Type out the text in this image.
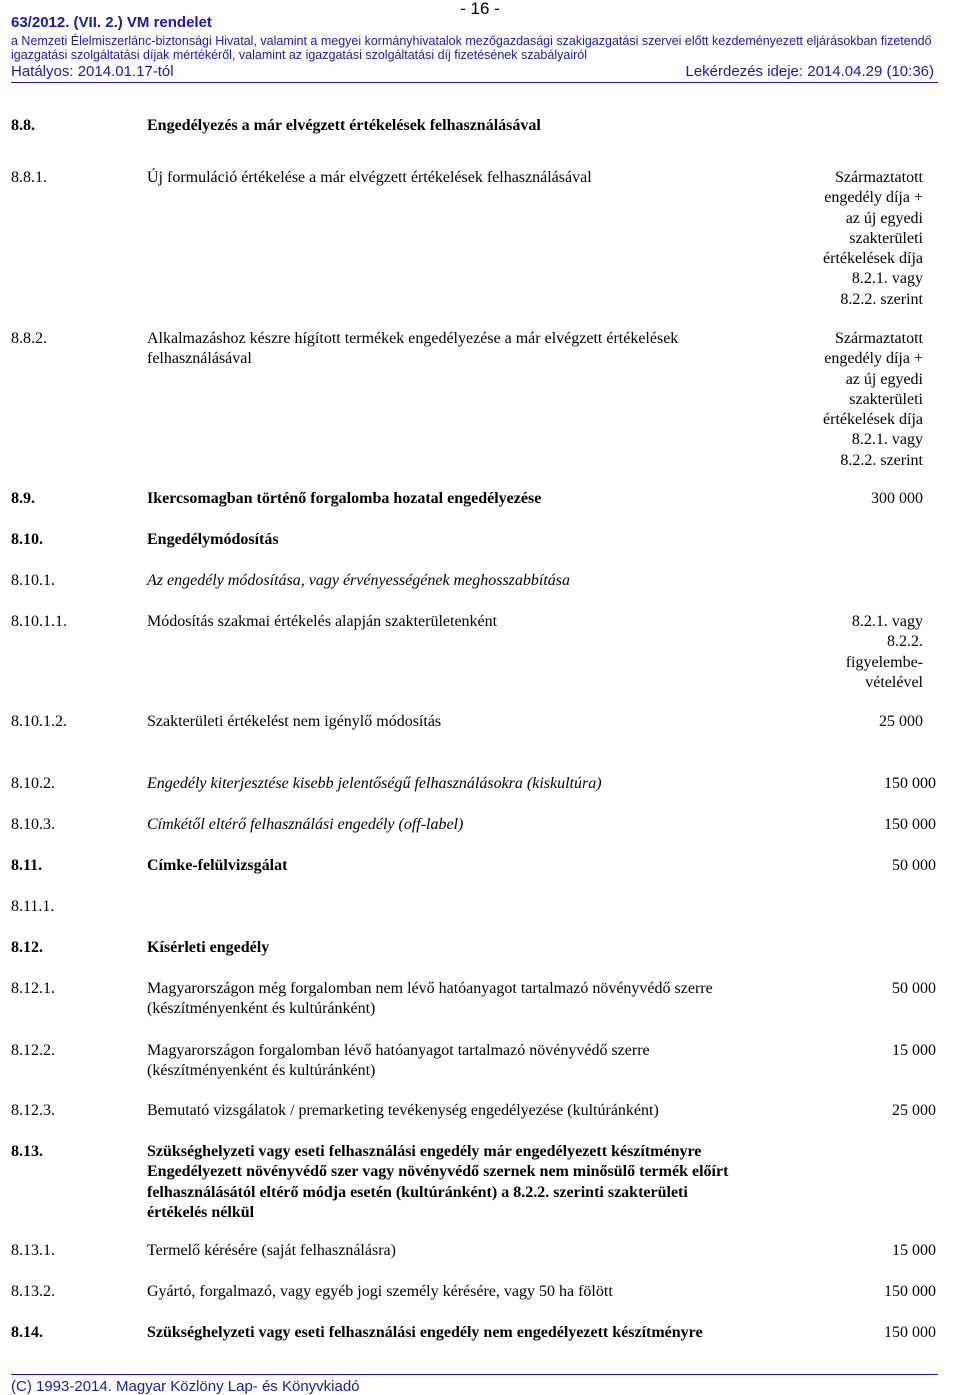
- 16 -
63/2012. (VII. 2.) VM rendelet
a Nemzeti Élelmiszerlánc-biztonsági Hivatal, valamint a megyei kormányhivatalok mezőgazdasági szakigazgatási szervei előtt kezdeményezett eljárásokban fizetendő
igazgatási szolgáltatási díjak mértékéről, valamint az igazgatási szolgáltatási díj fizetésének szabályairól
Hatályos: 2014.01.17-tól	Lekérdezés ideje: 2014.04.29 (10:36)
8.8.	Engedélyezés a már elvégzett értékelések felhasználásával
8.8.1.	Új formuláció értékelése a már elvégzett értékelések felhasználásával	Származtatott
engedély díja +
az új egyedi
szakterületi
értékelések díja
8.2.1. vagy
8.2.2. szerint
8.8.2.	Alkalmazáshoz készre hígított termékek engedélyezése a már elvégzett értékelések
felhasználásával
Származtatott
engedély díja +
az új egyedi
szakterületi
értékelések díja
8.2.1. vagy
8.2.2. szerint
8.9.	Ikercsomagban történő forgalomba hozatal engedélyezése	300 000
8.10.	Engedélymódosítás
8.10.1.	Az engedély módosítása, vagy érvényességének meghosszabbítása
8.10.1.1.	Módosítás szakmai értékelés alapján szakterületenként	8.2.1. vagy
8.2.2.
figyelembe-
vételével
8.10.1.2.	Szakterületi értékelést nem igénylő módosítás	25 000
8.10.2.	Engedély kiterjesztése kisebb jelentőségű felhasználásokra (kiskultúra)	150 000
8.10.3.	Címkétől eltérő felhasználási engedély (off-label)	150 000
8.11.	Címke-felülvizsgálat	50 000
8.11.1.
8.12.	Kísérleti engedély
8.12.1.	Magyarországon még forgalomban nem lévő hatóanyagot tartalmazó növényvédő szerre
(készítményenként és kultúránként)
50 000
8.12.2.	Magyarországon forgalomban lévő hatóanyagot tartalmazó növényvédő szerre
(készítményenként és kultúránként)
15 000
8.12.3.	Bemutató vizsgálatok / premarketing tevékenység engedélyezése (kultúránként)	25 000
8.13.	Szükséghelyzeti vagy eseti felhasználási engedély már engedélyezett készítményre
Engedélyezett növényvédő szer vagy növényvédő szernek nem minősülő termék előírt
felhasználásától eltérő módja esetén (kultúránként) a 8.2.2. szerinti szakterületi
értékelés nélkül
8.13.1.	Termelő kérésére (saját felhasználásra)	15 000
8.13.2.	Gyártó, forgalmazó, vagy egyéb jogi személy kérésére, vagy 50 ha fölött	150 000
8.14.	Szükséghelyzeti vagy eseti felhasználási engedély nem engedélyezett készítményre	150 000
(C) 1993-2014. Magyar Közlöny Lap- és Könyvkiadó
